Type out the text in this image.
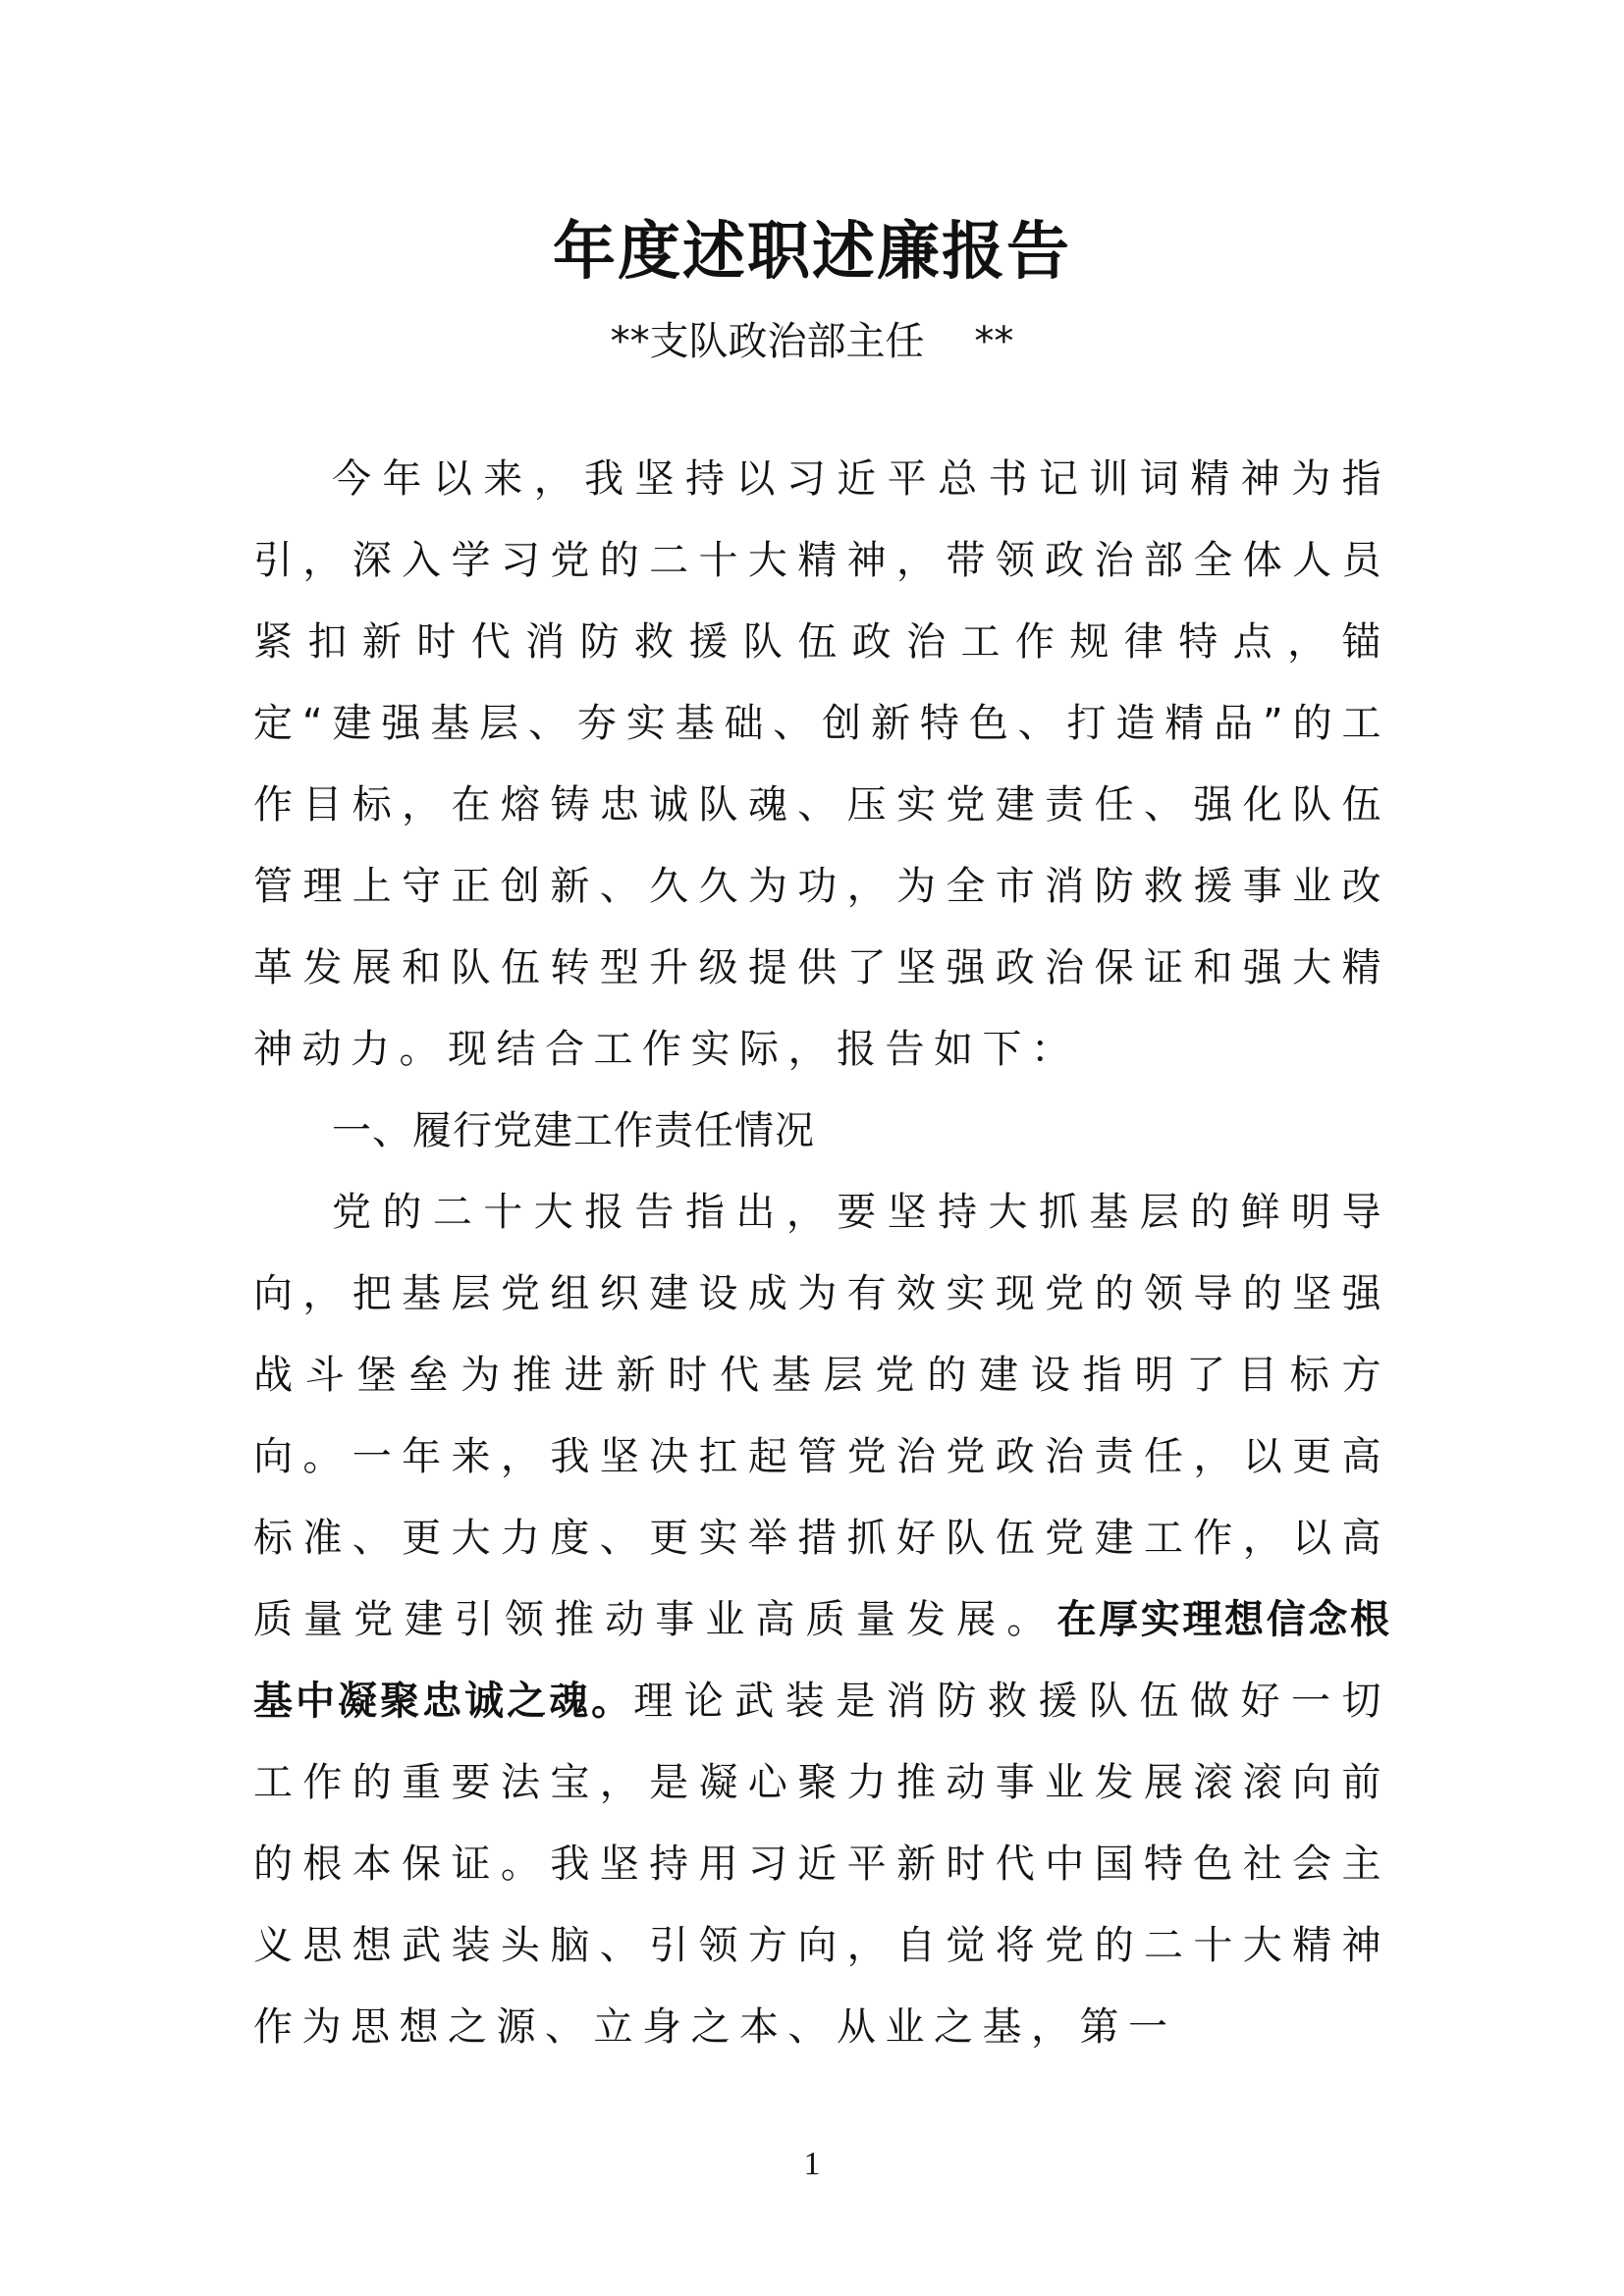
年度述职述廉报告
**支队政治部主任    **

今年以来，我坚持以习近平总书记训词精神为指引，深入学习党的二十大精神，带领政治部全体人员紧扣新时代消防救援队伍政治工作规律特点，锚定“建强基层、夯实基础、创新特色、打造精品”的工作目标，在熔铸忠诚队魂、压实党建责任、强化队伍管理上守正创新、久久为功，为全市消防救援事业改革发展和队伍转型升级提供了坚强政治保证和强大精神动力。现结合工作实际，报告如下：

一、履行党建工作责任情况

党的二十大报告指出，要坚持大抓基层的鲜明导向，把基层党组织建设成为有效实现党的领导的坚强战斗堡垒为推进新时代基层党的建设指明了目标方向。一年来，我坚决扛起管党治党政治责任，以更高标准、更大力度、更实举措抓好队伍党建工作，以高质量党建引领推动事业高质量发展。在厚实理想信念根基中凝聚忠诚之魂。理论武装是消防救援队伍做好一切工作的重要法宝，是凝心聚力推动事业发展滚滚向前的根本保证。我坚持用习近平新时代中国特色社会主义思想武装头脑、引领方向，自觉将党的二十大精神作为思想之源、立身之本、从业之基，第一

1
